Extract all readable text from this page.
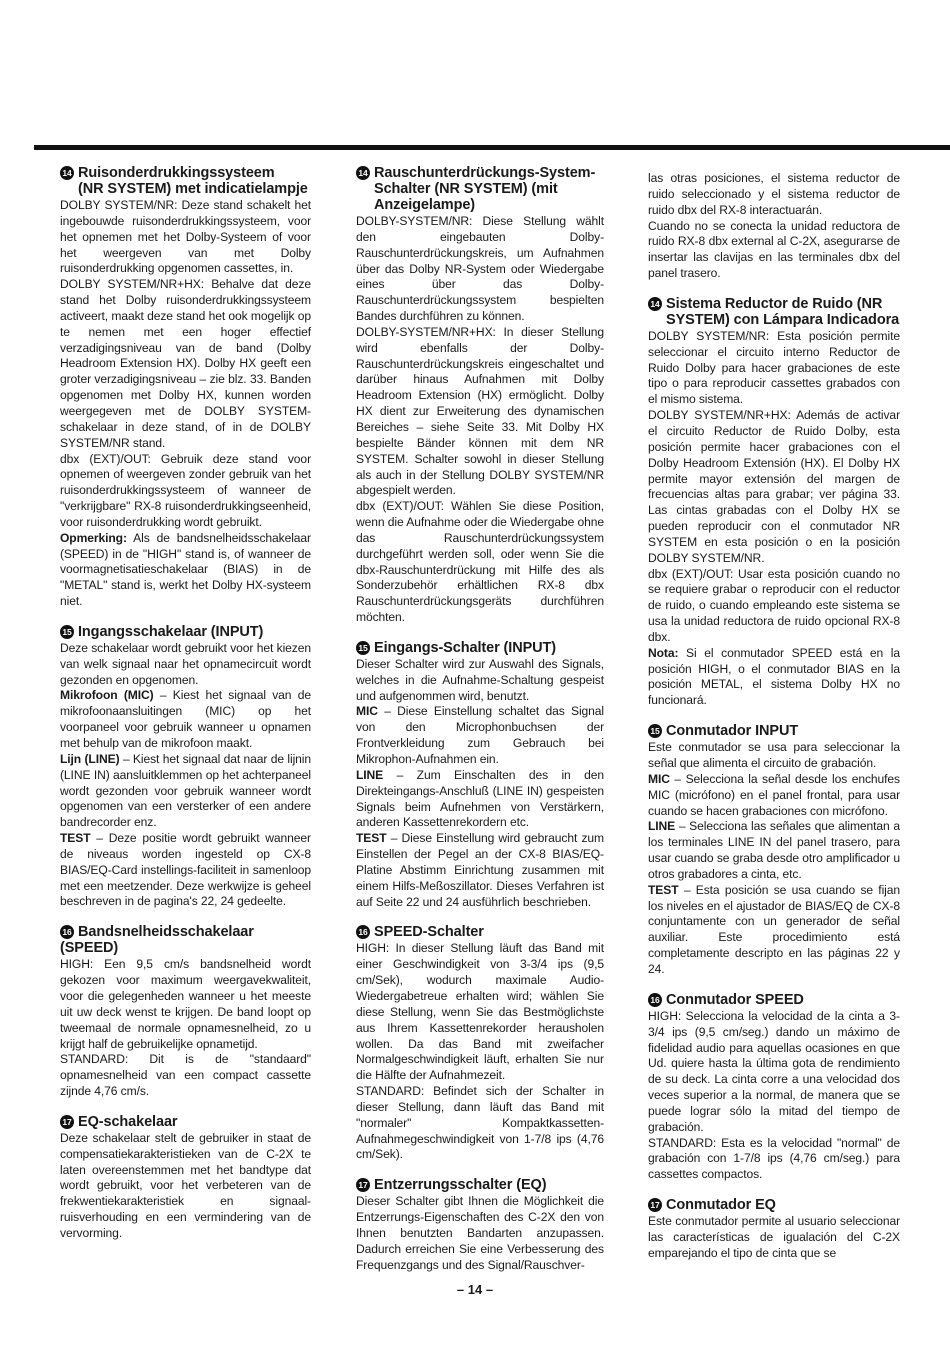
14 Ruisonderdrukkingssysteem
(NR SYSTEM) met indicatielampje

DOLBY SYSTEM/NR: Deze stand schakelt het ingebouwde ruisonderdrukkingssysteem, voor het opnemen met het Dolby-Systeem of voor het weergeven van met Dolby ruisonderdrukking opgenomen cassettes, in.

DOLBY SYSTEM/NR+HX: Behalve dat deze stand het Dolby ruisonderdrukkingssysteem activeert, maakt deze stand het ook mogelijk op te nemen met een hoger effectief verzadigingsniveau van de band (Dolby Headroom Extension HX). Dolby HX geeft een groter verzadigingsniveau – zie blz. 33. Banden opgenomen met Dolby HX, kunnen worden weergegeven met de DOLBY SYSTEM-schakelaar in deze stand, of in de DOLBY SYSTEM/NR stand.

dbx (EXT)/OUT: Gebruik deze stand voor opnemen of weergeven zonder gebruik van het ruisonderdrukkingssysteem of wanneer de "verkrijgbare" RX-8 ruisonderdrukkingseenheid, voor ruisonderdrukking wordt gebruikt.

Opmerking: Als de bandsnelheidsschakelaar (SPEED) in de "HIGH" stand is, of wanneer de voormagnetisatieschakelaar (BIAS) in de "METAL" stand is, werkt het Dolby HX-systeem niet.

15 Ingangsschakelaar (INPUT)

Deze schakelaar wordt gebruikt voor het kiezen van welk signaal naar het opnamecircuit wordt gezonden en opgenomen.

Mikrofoon (MIC) – Kiest het signaal van de mikrofoonaansluitingen (MIC) op het voorpaneel voor gebruik wanneer u opnamen met behulp van de mikrofoon maakt.

Lijn (LINE) – Kiest het signaal dat naar de lijnin (LINE IN) aansluitklemmen op het achterpaneel wordt gezonden voor gebruik wanneer wordt opgenomen van een versterker of een andere bandrecorder enz.

TEST – Deze positie wordt gebruikt wanneer de niveaus worden ingesteld op CX-8 BIAS/EQ-Card instellings-faciliteit in samenloop met een meetzender. Deze werkwijze is geheel beschreven in de pagina's 22, 24 gedeelte.

16 Bandsnelheidsschakelaar (SPEED)

HIGH: Een 9,5 cm/s bandsnelheid wordt gekozen voor maximum weergavekwaliteit, voor die gelegenheden wanneer u het meeste uit uw deck wenst te krijgen. De band loopt op tweemaal de normale opnamesnelheid, zo u krijgt half de gebruikelijke opnametijd.

STANDARD: Dit is de "standaard" opnamesnelheid van een compact cassette zijnde 4,76 cm/s.

17 EQ-schakelaar

Deze schakelaar stelt de gebruiker in staat de compensatiekarakteristieken van de C-2X te laten overeenstemmen met het bandtype dat wordt gebruikt, voor het verbeteren van de frekwentiekarakteristiek en signaal-ruisverhouding en een vermindering van de vervorming.

14 Rauschunterdrückungs-System-
Schalter (NR SYSTEM) (mit
Anzeigelampe)

DOLBY-SYSTEM/NR: Diese Stellung wählt den eingebauten Dolby-Rauschunterdrückungskreis, um Aufnahmen über das Dolby NR-System oder Wiedergabe eines über das Dolby-Rauschunterdrückungssystem bespielten Bandes durchführen zu können.

DOLBY-SYSTEM/NR+HX: In dieser Stellung wird ebenfalls der Dolby-Rauschunterdrückungskreis eingeschaltet und darüber hinaus Aufnahmen mit Dolby Headroom Extension (HX) ermöglicht. Dolby HX dient zur Erweiterung des dynamischen Bereiches – siehe Seite 33. Mit Dolby HX bespielte Bänder können mit dem NR SYSTEM. Schalter sowohl in dieser Stellung als auch in der Stellung DOLBY SYSTEM/NR abgespielt werden.

dbx (EXT)/OUT: Wählen Sie diese Position, wenn die Aufnahme oder die Wiedergabe ohne das Rauschunterdrückungssystem durchgeführt werden soll, oder wenn Sie die dbx-Rauschunterdrückung mit Hilfe des als Sonderzubehör erhältlichen RX-8 dbx Rauschunterdrückungsgeräts durchführen möchten.

15 Eingangs-Schalter (INPUT)

Dieser Schalter wird zur Auswahl des Signals, welches in die Aufnahme-Schaltung gespeist und aufgenommen wird, benutzt.

MIC – Diese Einstellung schaltet das Signal von den Microphonbuchsen der Frontverkleidung zum Gebrauch bei Mikrophon-Aufnahmen ein.

LINE – Zum Einschalten des in den Direkteingangs-Anschluß (LINE IN) gespeisten Signals beim Aufnehmen von Verstärkern, anderen Kassettenrekordern etc.

TEST – Diese Einstellung wird gebraucht zum Einstellen der Pegel an der CX-8 BIAS/EQ-Platine Abstimm Einrichtung zusammen mit einem Hilfs-Meßoszillator. Dieses Verfahren ist auf Seite 22 und 24 ausführlich beschrieben.

16 SPEED-Schalter

HIGH: In dieser Stellung läuft das Band mit einer Geschwindigkeit von 3-3/4 ips (9,5 cm/Sek), wodurch maximale Audio-Wiedergabetreue erhalten wird; wählen Sie diese Stellung, wenn Sie das Bestmöglichste aus Ihrem Kassettenrekorder herausholen wollen. Da das Band mit zweifacher Normalgeschwindigkeit läuft, erhalten Sie nur die Hälfte der Aufnahmezeit.

STANDARD: Befindet sich der Schalter in dieser Stellung, dann läuft das Band mit "normaler" Kompaktkassetten-Aufnahmegeschwindigkeit von 1-7/8 ips (4,76 cm/Sek).

17 Entzerrungsschalter (EQ)

Dieser Schalter gibt Ihnen die Möglichkeit die Entzerrungs-Eigenschaften des C-2X den von Ihnen benutzten Bandarten anzupassen. Dadurch erreichen Sie eine Verbesserung des Frequenzgangs und des Signal/Rauschver-

las otras posiciones, el sistema reductor de ruido seleccionado y el sistema reductor de ruido dbx del RX-8 interactuarán.

Cuando no se conecta la unidad reductora de ruido RX-8 dbx external al C-2X, asegurarse de insertar las clavijas en las terminales dbx del panel trasero.

14 Sistema Reductor de Ruido (NR
SYSTEM) con Lámpara Indicadora

DOLBY SYSTEM/NR: Esta posición permite seleccionar el circuito interno Reductor de Ruido Dolby para hacer grabaciones de este tipo o para reproducir cassettes grabados con el mismo sistema.

DOLBY SYSTEM/NR+HX: Además de activar el circuito Reductor de Ruido Dolby, esta posición permite hacer grabaciones con el Dolby Headroom Extensión (HX). El Dolby HX permite mayor extensión del margen de frecuencias altas para grabar; ver página 33. Las cintas grabadas con el Dolby HX se pueden reproducir con el conmutador NR SYSTEM en esta posición o en la posición DOLBY SYSTEM/NR.

dbx (EXT)/OUT: Usar esta posición cuando no se requiere grabar o reproducir con el reductor de ruido, o cuando empleando este sistema se usa la unidad reductora de ruido opcional RX-8 dbx.

Nota: Si el conmutador SPEED está en la posición HIGH, o el conmutador BIAS en la posición METAL, el sistema Dolby HX no funcionará.

15 Conmutador INPUT

Este conmutador se usa para seleccionar la señal que alimenta el circuito de grabación.

MIC – Selecciona la señal desde los enchufes MIC (micrófono) en el panel frontal, para usar cuando se hacen grabaciones con micrófono.

LINE – Selecciona las señales que alimentan a los terminales LINE IN del panel trasero, para usar cuando se graba desde otro amplificador u otros grabadores a cinta, etc.

TEST – Esta posición se usa cuando se fijan los niveles en el ajustador de BIAS/EQ de CX-8 conjuntamente con un generador de señal auxiliar. Este procedimiento está completamente descripto en las páginas 22 y 24.

16 Conmutador SPEED

HIGH: Selecciona la velocidad de la cinta a 3-3/4 ips (9,5 cm/seg.) dando un máximo de fidelidad audio para aquellas ocasiones en que Ud. quiere hasta la última gota de rendimiento de su deck. La cinta corre a una velocidad dos veces superior a la normal, de manera que se puede lograr sólo la mitad del tiempo de grabación.

STANDARD: Esta es la velocidad "normal" de grabación con 1-7/8 ips (4,76 cm/seg.) para cassettes compactos.

17 Conmutador EQ

Este conmutador permite al usuario seleccionar las características de igualación del C-2X emparejando el tipo de cinta que se

– 14 –
